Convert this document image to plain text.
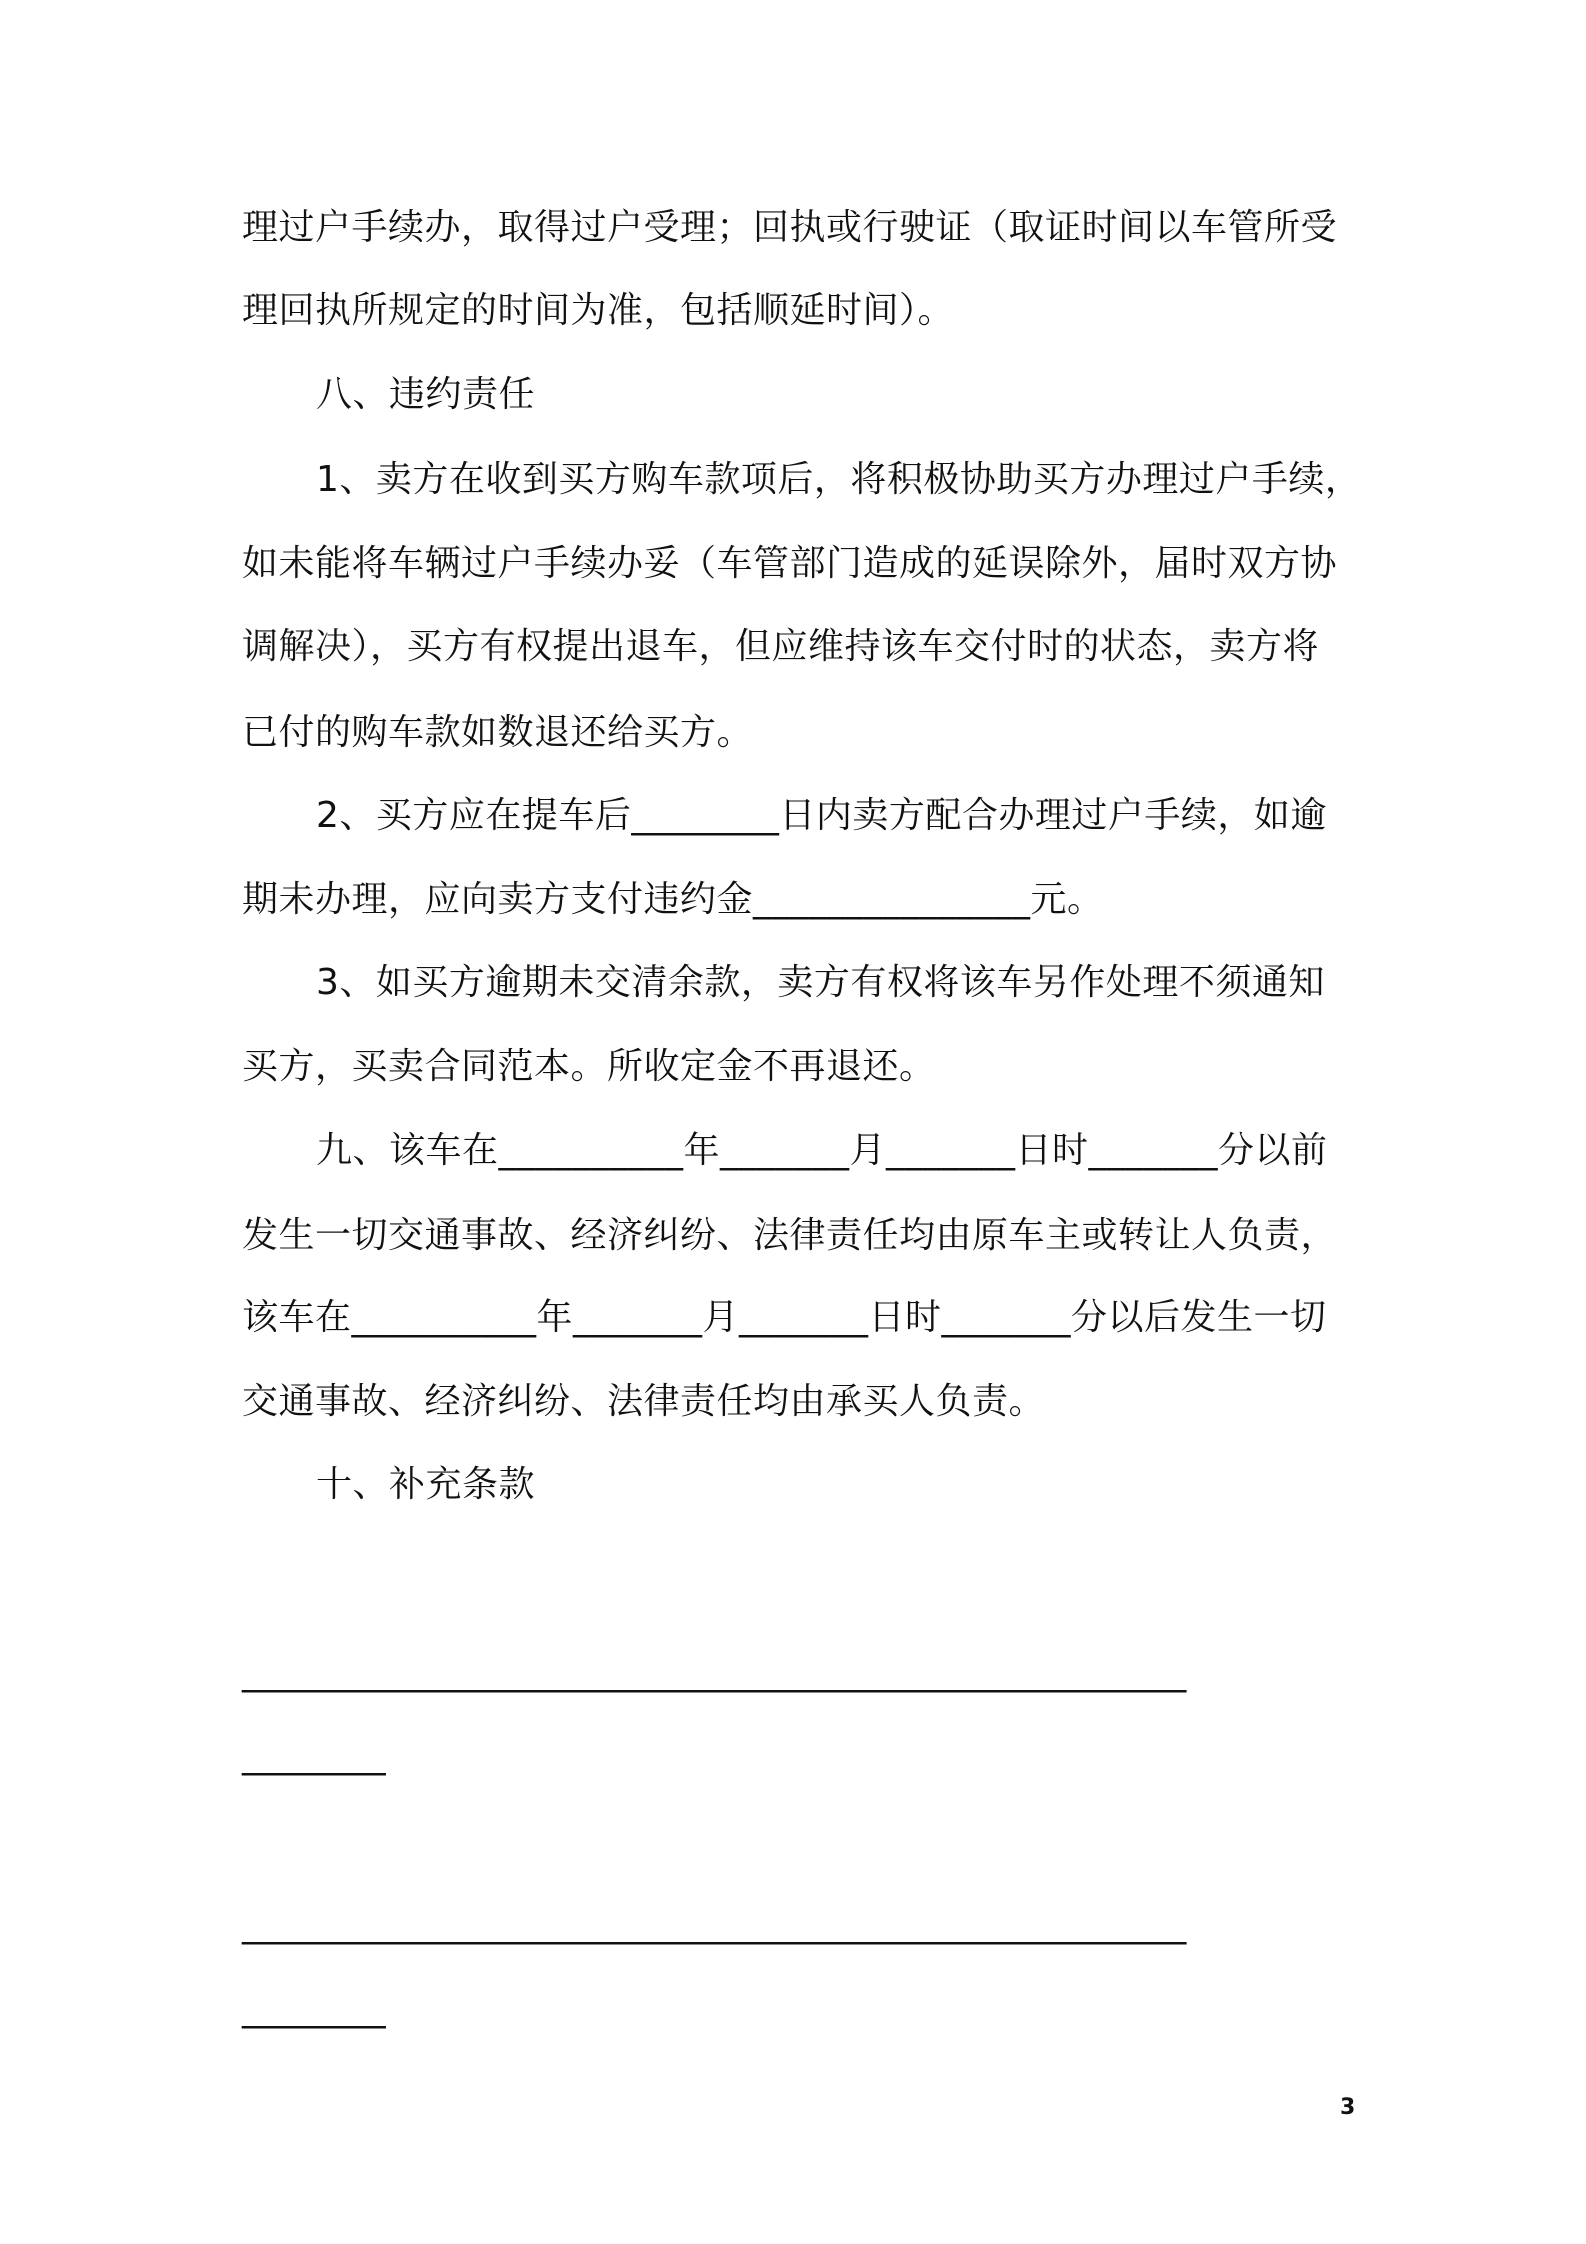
理过户手续办，取得过户受理；回执或行驶证（取证时间以车管所受
理回执所规定的时间为准，包括顺延时间）。
八、违约责任
1、卖方在收到买方购车款项后，将积极协助买方办理过户手续，
如未能将车辆过户手续办妥（车管部门造成的延误除外，届时双方协
调解决），买方有权提出退车，但应维持该车交付时的状态，卖方将
已付的购车款如数退还给买方。
2、买方应在提车后________日内卖方配合办理过户手续，如逾
期未办理，应向卖方支付违约金_______________元。
3、如买方逾期未交清余款，卖方有权将该车另作处理不须通知
买方，买卖合同范本。所收定金不再退还。
九、该车在__________年_______月_______日时_______分以前
发生一切交通事故、经济纠纷、法律责任均由原车主或转让人负责，
该车在__________年_______月_______日时_______分以后发生一切
交通事故、经济纠纷、法律责任均由承买人负责。
十、补充条款
____________________________________________________________
_________
____________________________________________________________
_________
3
